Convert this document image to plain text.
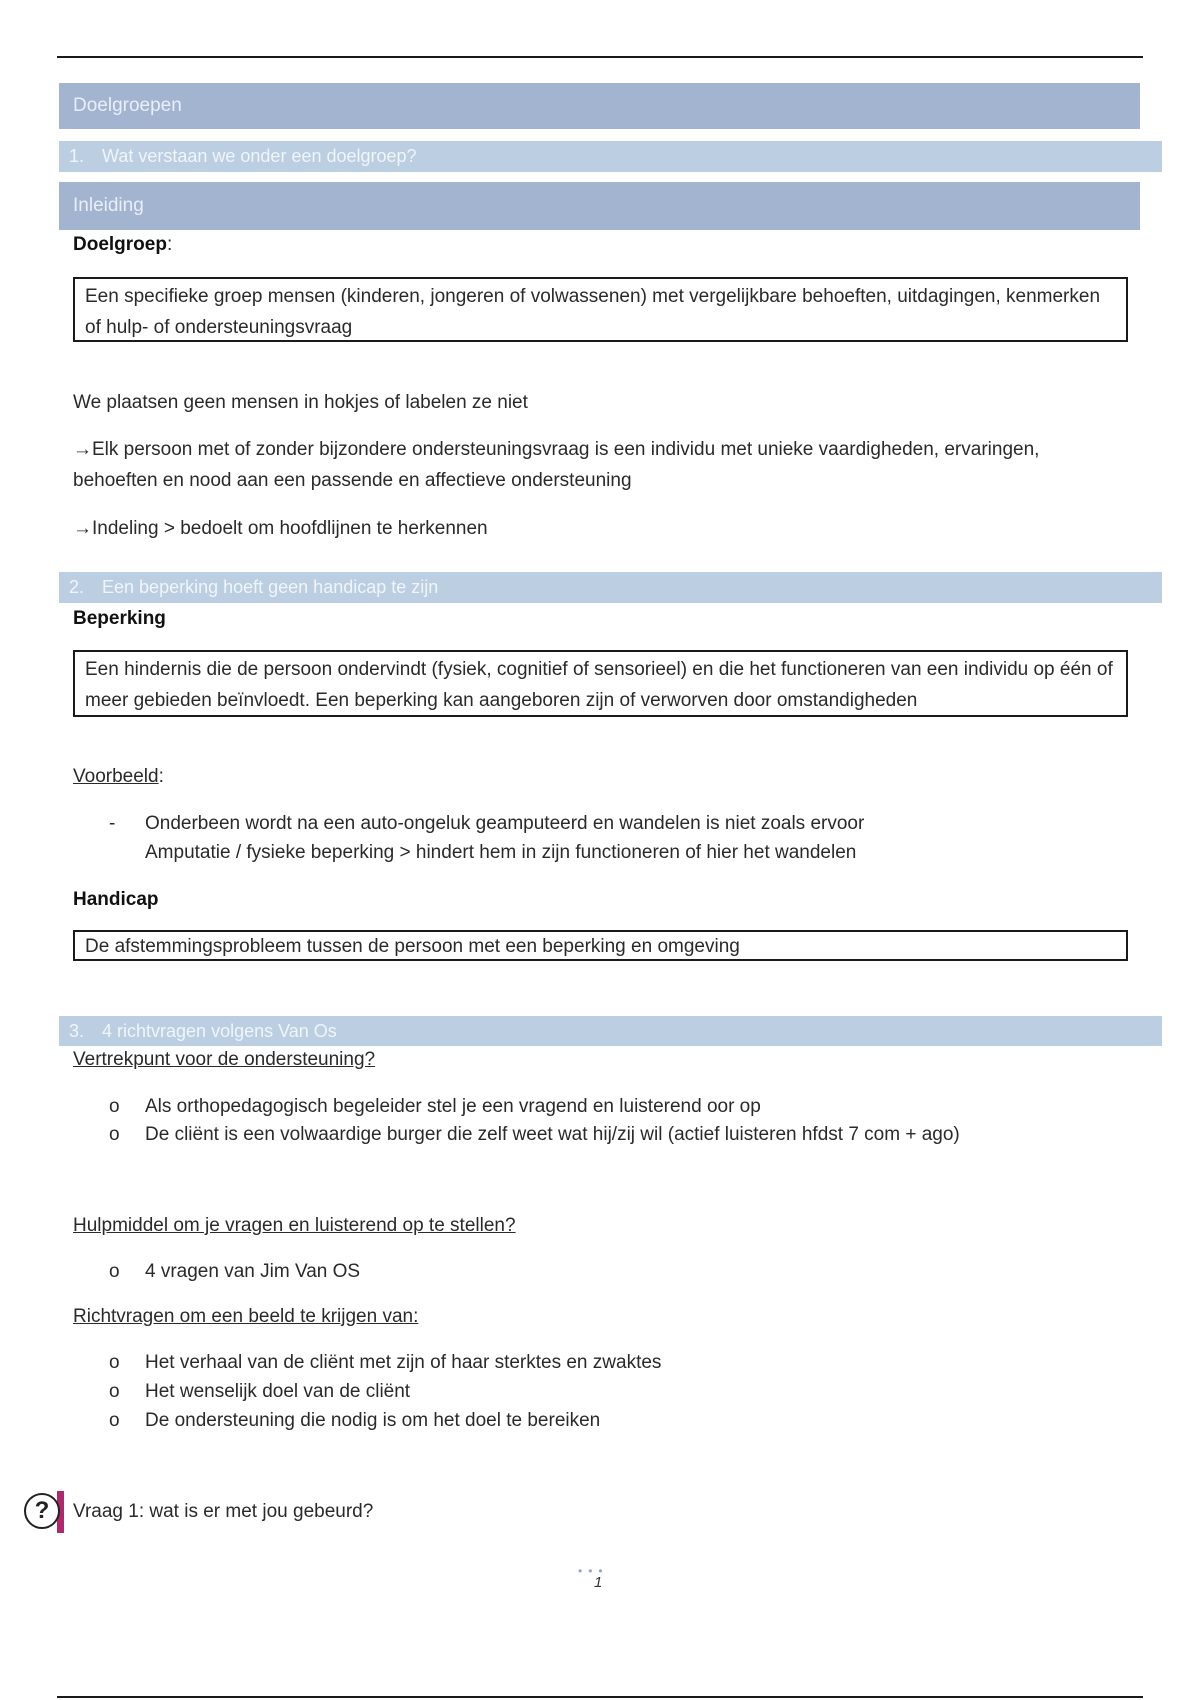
Doelgroepen
1. Wat verstaan we onder een doelgroep?
Inleiding
Doelgroep:
Een specifieke groep mensen (kinderen, jongeren of volwassenen) met vergelijkbare behoeften, uitdagingen, kenmerken of hulp- of ondersteuningsvraag
We plaatsen geen mensen in hokjes of labelen ze niet
→Elk persoon met of zonder bijzondere ondersteuningsvraag is een individu met unieke vaardigheden, ervaringen,
behoeften en nood aan een passende en affectieve ondersteuning
→Indeling > bedoelt om hoofdlijnen te herkennen
2. Een beperking hoeft geen handicap te zijn
Beperking
Een hindernis die de persoon ondervindt (fysiek, cognitief of sensorieel) en die het functioneren van een individu op één of meer gebieden beïnvloedt. Een beperking kan aangeboren zijn of verworven door omstandigheden
Voorbeeld:
- Onderbeen wordt na een auto-ongeluk geamputeerd en wandelen is niet zoals ervoor
Amputatie / fysieke beperking > hindert hem in zijn functioneren of hier het wandelen
Handicap
De afstemmingsprobleem tussen de persoon met een beperking en omgeving
3. 4 richtvragen volgens Van Os
Vertrekpunt voor de ondersteuning?
o Als orthopedagogisch begeleider stel je een vragend en luisterend oor op
o De cliënt is een volwaardige burger die zelf weet wat hij/zij wil (actief luisteren hfdst 7 com + ago)
Hulpmiddel om je vragen en luisterend op te stellen?
o 4 vragen van Jim Van OS
Richtvragen om een beeld te krijgen van:
o Het verhaal van de cliënt met zijn of haar sterktes en zwaktes
o Het wenselijk doel van de cliënt
o De ondersteuning die nodig is om het doel te bereiken
?	Vraag 1: wat is er met jou gebeurd?
•••
1
